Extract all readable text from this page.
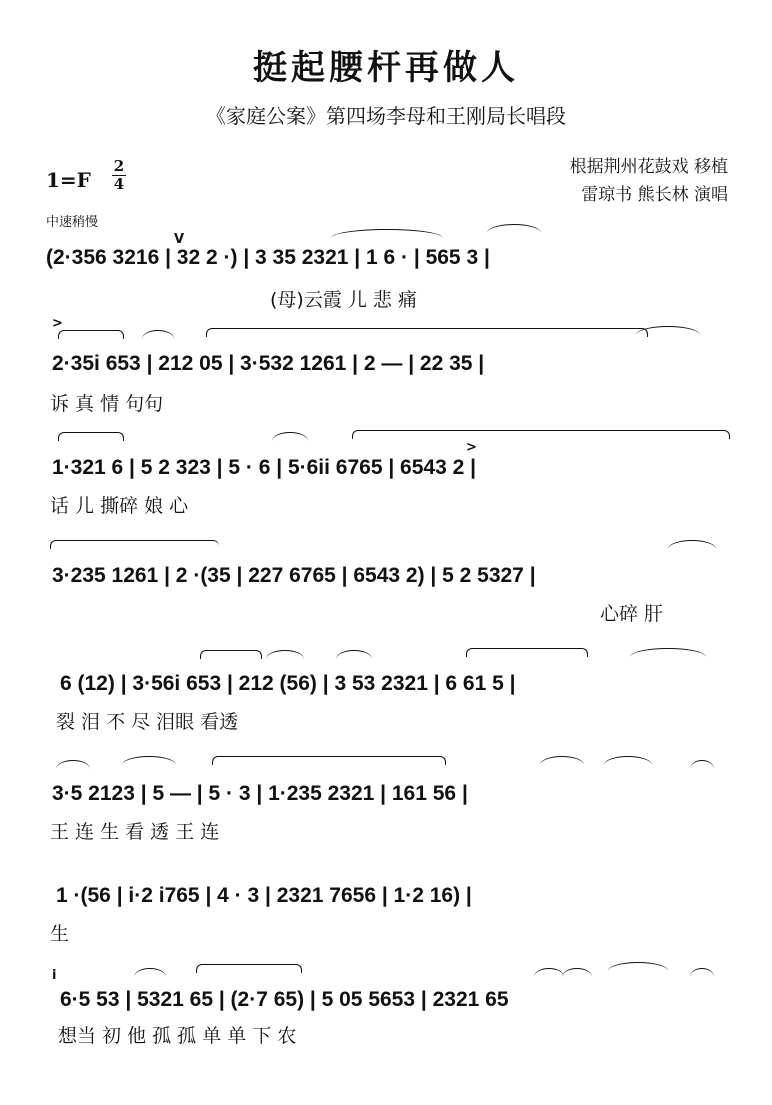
挺起腰杆再做人
《家庭公案》第四场李母和王刚局长唱段
根据荆州花鼓戏 移植
雷琼书 熊长林 演唱
1=F
2
4
中速稍慢
V
(2·356 3216 | 32 2 ·) | 3 35 2321 | 1 6 · | 565 3 |
(母)云霞 儿 悲 痛
>
2·35i 653 | 212 05 | 3·532 1261 | 2 — | 22 35 |
诉 真 情 句句
1·321 6 | 5 2 323 | 5 · 6 | 5·6ii 6765 | 6543 2 |
话 儿 撕碎 娘 心
>
3·235 1261 | 2 ·(35 | 227 6765 | 6543 2) | 5 2 5327 |
心碎 肝
6 (12) | 3·56i 653 | 212 (56) | 3 53 2321 | 6 61 5 |
裂 泪 不 尽 泪眼 看透
3·5 2123 | 5 — | 5 · 3 | 1·235 2321 | 161 56 |
王 连 生 看 透 王 连
1 ·(56 | i·2 i765 | 4 · 3 | 2321 7656 | 1·2 16) |
生
i
6·5 53 | 5321 65 | (2·7 65) | 5 05 5653 | 2321 65
想当 初 他 孤 孤 单 单 下 农
